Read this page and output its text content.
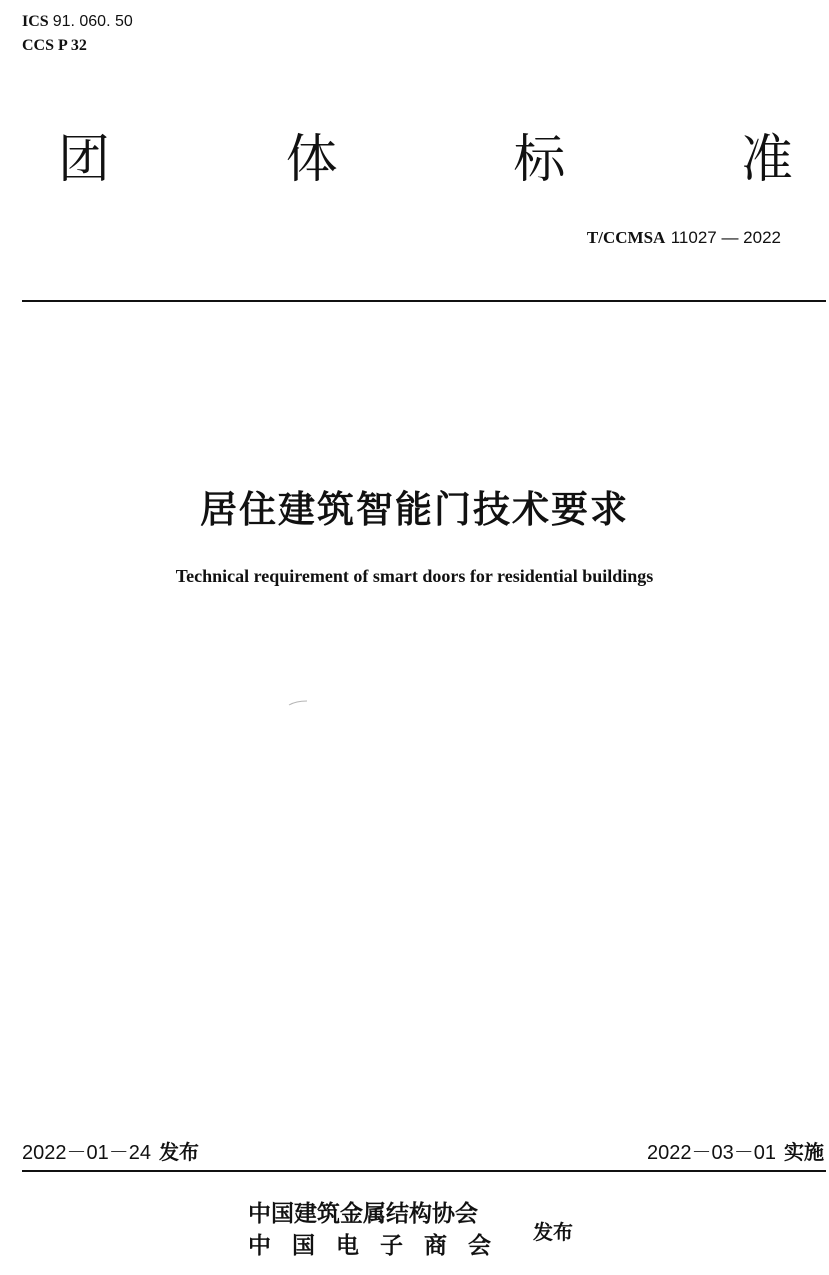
ICS 91. 060. 50
CCS P 32
团	体	标	准
T/CCMSA 11027 — 2022
居住建筑智能门技术要求
Technical requirement of smart doors for residential buildings
2022－01－24 发布	2022－03－01 实施
中国建筑金属结构协会
中国电子商会
发布
